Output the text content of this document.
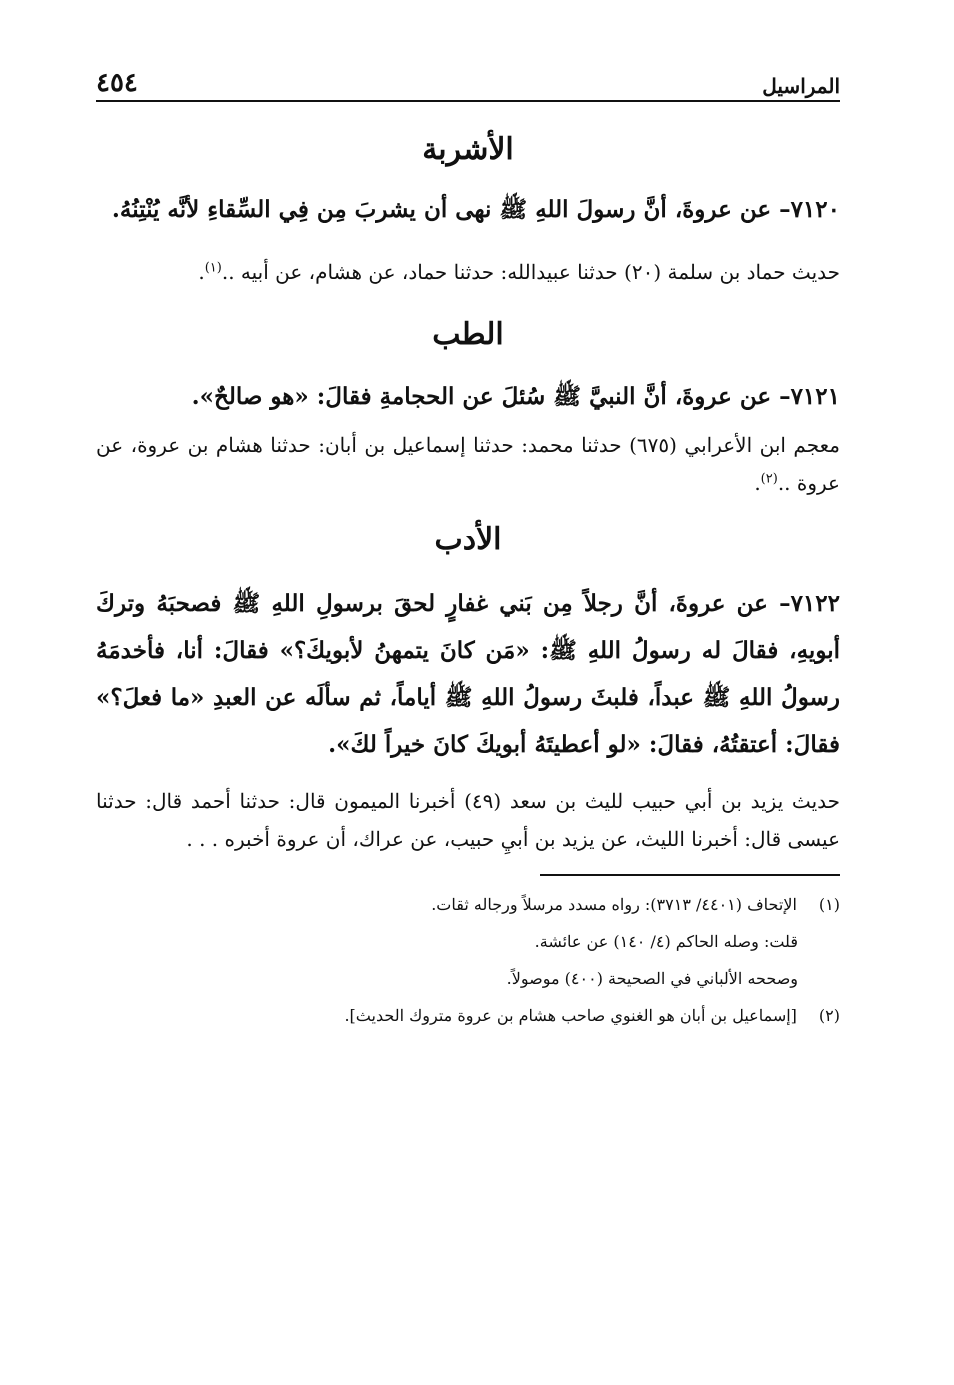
المراسيل
٤٥٤
الأشربة

٧١٢٠– عن عروةَ، أنَّ رسولَ اللهِ ﷺ نهى أن يشربَ مِن فِي السِّقاءِ لأنَّه يُنْتِنُهُ.

حديث حماد بن سلمة (٢٠) حدثنا عبيدالله: حدثنا حماد، عن هشام، عن أبيه ..$^{(١)}$.

الطب

٧١٢١– عن عروةَ، أنَّ النبيَّ ﷺ سُئلَ عن الحجامةِ فقالَ: «هو صالحٌ».

معجم ابن الأعرابي (٦٧٥) حدثنا محمد: حدثنا إسماعيل بن أبان: حدثنا هشام بن عروة، عن عروة ..$^{(٢)}$.

الأدب

٧١٢٢– عن عروةَ، أنَّ رجلاً مِن بَني غفارٍ لحقَ برسولِ اللهِ ﷺ فصحبَهُ وتركَ أبويهِ، فقالَ له رسولُ اللهِ ﷺ: «مَن كانَ يتمهنُ لأبويكَ؟» فقالَ: أنا، فأخدمَهُ رسولُ اللهِ ﷺ عبداً، فلبثَ رسولُ اللهِ ﷺ أياماً، ثم سألَه عن العبدِ «ما فعلَ؟» فقالَ: أعتقتُهُ، فقالَ: «لو أعطيتَهُ أبويكَ كانَ خيراً لكَ».

حديث يزيد بن أبي حبيب لليث بن سعد (٤٩) أخبرنا الميمون قال: حدثنا أحمد قال: حدثنا عيسى قال: أخبرنا الليث، عن يزيد بن أبيِ حبيب، عن عراك، أن عروة أخبره . . .

(١) الإتحاف (٤٤٠١/ ٣٧١٣): رواه مسدد مرسلاً ورجاله ثقات.

قلت: وصله الحاكم (٤/ ١٤٠) عن عائشة.

وصححه الألباني في الصحيحة (٤٠٠) موصولاً.

(٢) [إسماعيل بن أبان هو الغنوي صاحب هشام بن عروة متروك الحديث].
